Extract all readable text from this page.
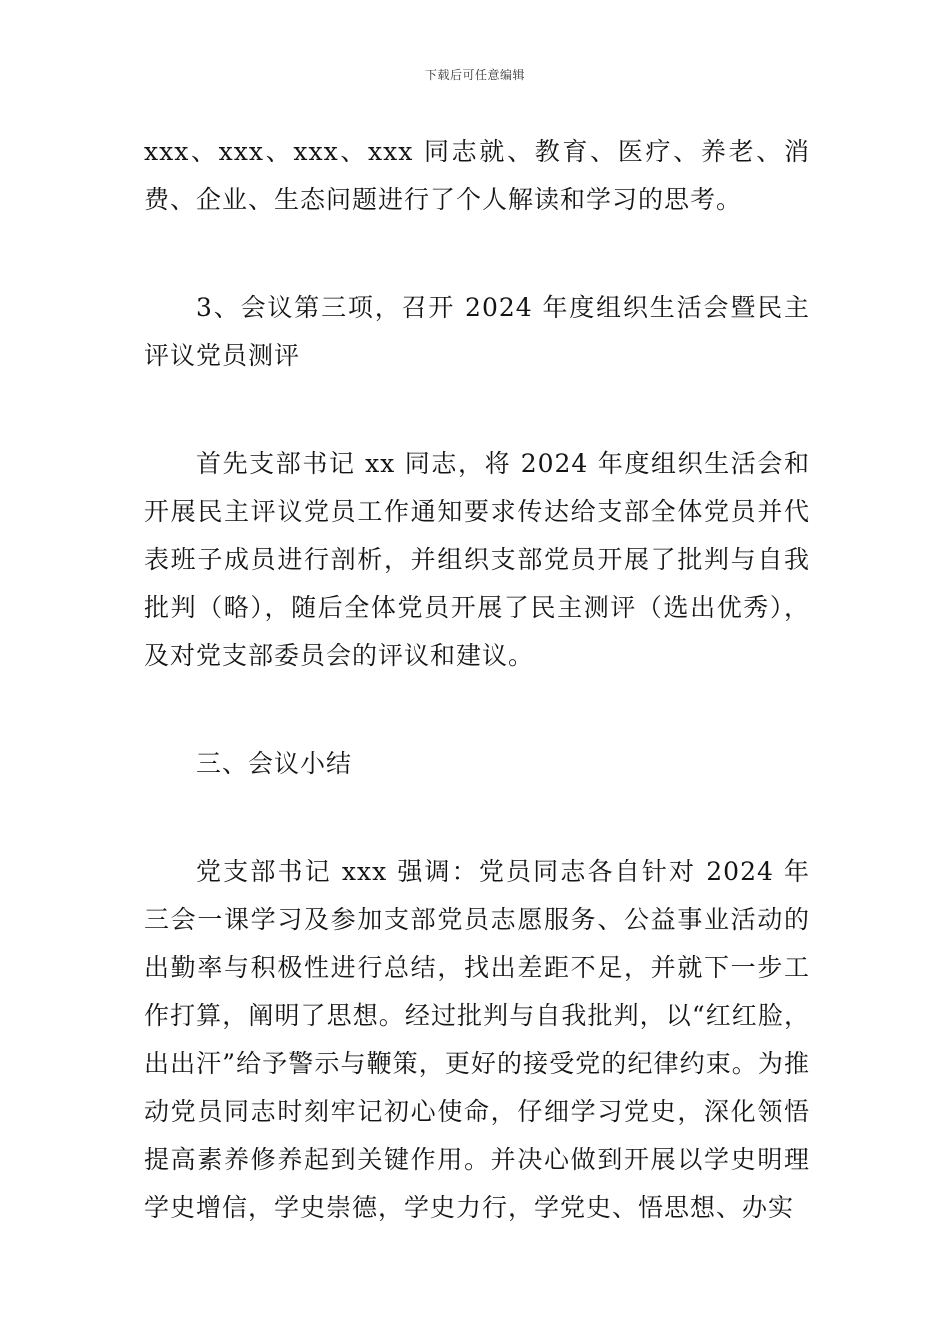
下载后可任意编辑

xxx、xxx、xxx、xxx 同志就、教育、医疗、养老、消费、企业、生态问题进行了个人解读和学习的思考。

3、会议第三项，召开 2024 年度组织生活会暨民主评议党员测评

首先支部书记 xx 同志，将 2024 年度组织生活会和开展民主评议党员工作通知要求传达给支部全体党员并代表班子成员进行剖析，并组织支部党员开展了批判与自我批判（略），随后全体党员开展了民主测评（选出优秀），及对党支部委员会的评议和建议。

三、会议小结

党支部书记 xxx 强调：党员同志各自针对 2024 年三会一课学习及参加支部党员志愿服务、公益事业活动的出勤率与积极性进行总结，找出差距不足，并就下一步工作打算，阐明了思想。经过批判与自我批判，以“红红脸，出出汗”给予警示与鞭策，更好的接受党的纪律约束。为推动党员同志时刻牢记初心使命，仔细学习党史，深化领悟提高素养修养起到关键作用。并决心做到开展以学史明理学史增信，学史崇德，学史力行，学党史、悟思想、办实
